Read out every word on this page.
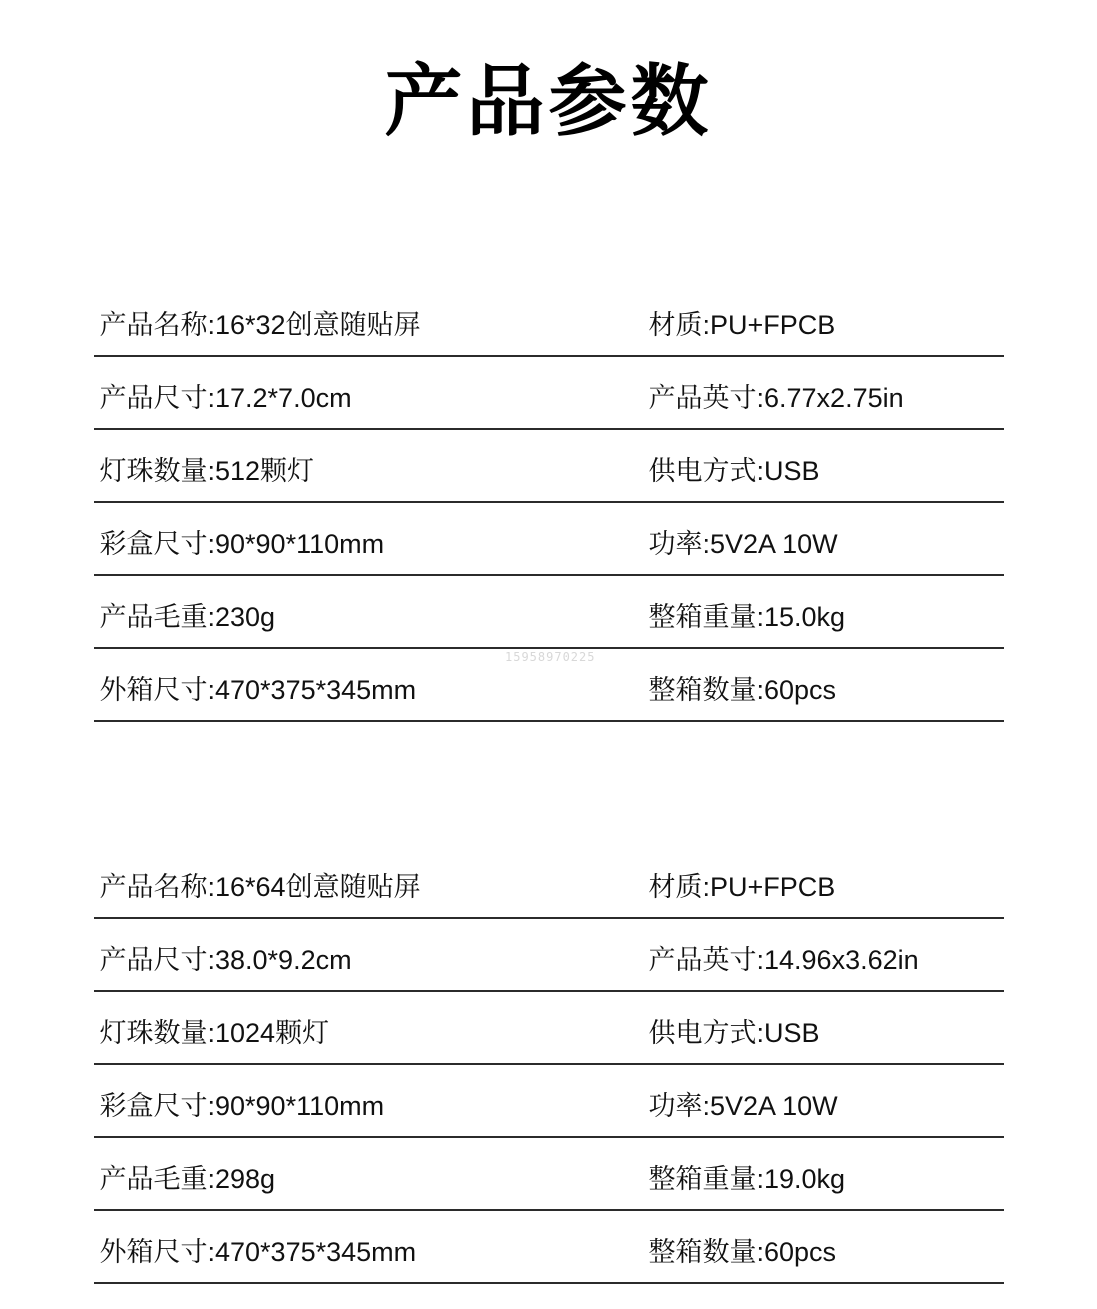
产品参数
产品名称:16*32创意随贴屏	材质:PU+FPCB
产品尺寸:17.2*7.0cm	产品英寸:6.77x2.75in
灯珠数量:512颗灯	供电方式:USB
彩盒尺寸:90*90*110mm	功率:5V2A 10W
产品毛重:230g	整箱重量:15.0kg
外箱尺寸:470*375*345mm	整箱数量:60pcs
15958970225
产品名称:16*64创意随贴屏	材质:PU+FPCB
产品尺寸:38.0*9.2cm	产品英寸:14.96x3.62in
灯珠数量:1024颗灯	供电方式:USB
彩盒尺寸:90*90*110mm	功率:5V2A 10W
产品毛重:298g	整箱重量:19.0kg
外箱尺寸:470*375*345mm	整箱数量:60pcs
